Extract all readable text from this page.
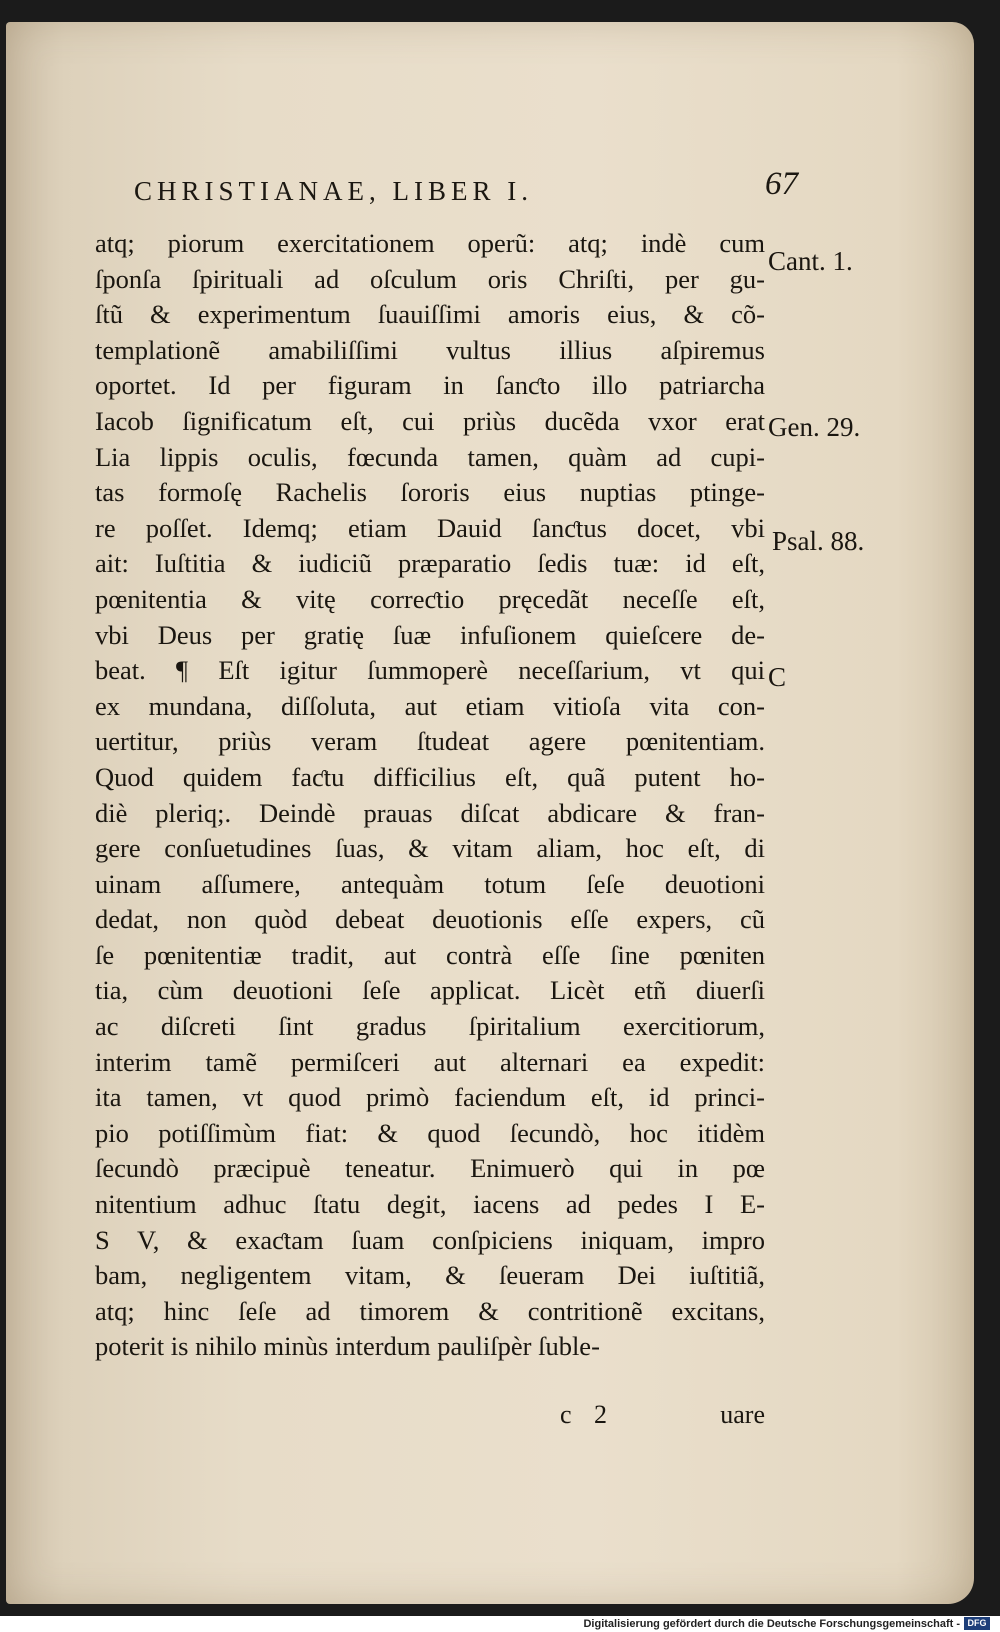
CHRISTIANAE, LIBER I.	67
atq; piorum exercitationem operũ: atq; indè cum
ſponſa ſpirituali ad oſculum oris Chriſti, per gu-
ſtũ & experimentum ſuauiſſimi amoris eius, & cõ-
templationẽ amabiliſſimi vultus illius aſpiremus
oportet. Id per figuram in ſanƈto illo patriarcha
Iacob ſignificatum eſt, cui priùs ducẽda vxor erat
Lia lippis oculis, fœcunda tamen, quàm ad cupi-
tas formoſę Rachelis ſororis eius nuptias ptinge-
re poſſet. Idemq; etiam Dauid ſanƈtus docet, vbi
ait: Iuſtitia & iudiciũ præparatio ſedis tuæ: id eſt,
pœnitentia & vitę correƈtio pręcedãt neceſſe eſt,
vbi Deus per gratię ſuæ infuſionem quieſcere de-
beat. ¶ Eſt igitur ſummoperè neceſſarium, vt qui
ex mundana, diſſoluta, aut etiam vitioſa vita con-
uertitur, priùs veram ſtudeat agere pœnitentiam.
Quod quidem faƈtu difficilius eſt, quã putent ho-
diè pleriq;. Deindè prauas diſcat abdicare & fran-
gere conſuetudines ſuas, & vitam aliam, hoc eſt, di
uinam aſſumere, antequàm totum ſeſe deuotioni
dedat, non quòd debeat deuotionis eſſe expers, cũ
ſe pœnitentiæ tradit, aut contrà eſſe ſine pœniten
tia, cùm deuotioni ſeſe applicat. Licèt etñ diuerſi
ac diſcreti ſint gradus ſpiritalium exercitiorum,
interim tamẽ permiſceri aut alternari ea expedit:
ita tamen, vt quod primò faciendum eſt, id princi-
pio potiſſimùm fiat: & quod ſecundò, hoc itidèm
ſecundò præcipuè teneatur. Enimuerò qui in pœ
nitentium adhuc ſtatu degit, iacens ad pedes I E-
S V, & exaƈtam ſuam conſpiciens iniquam, impro
bam, negligentem vitam, & ſeueram Dei iuſtitiã,
atq; hinc ſeſe ad timorem & contritionẽ excitans,
poterit is nihilo minùs interdum pauliſpèr ſuble-
Cant. 1.
Gen. 29.
Psal. 88.
C
c 2	uare
Digitalisierung gefördert durch die Deutsche Forschungsgemeinschaft - DFG
